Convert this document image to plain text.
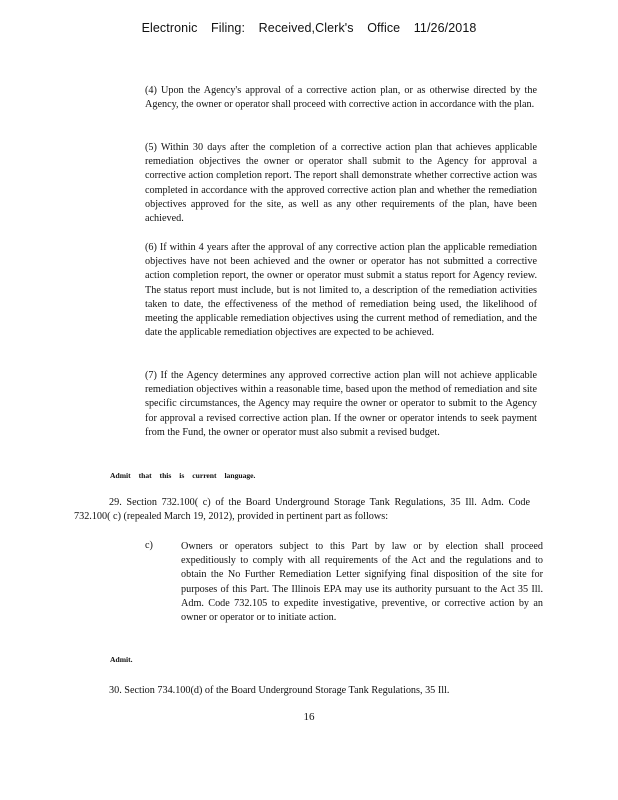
Electronic Filing: Received,Clerk's Office 11/26/2018
(4) Upon the Agency's approval of a corrective action plan, or as otherwise directed by the Agency, the owner or operator shall proceed with corrective action in accordance with the plan.
(5) Within 30 days after the completion of a corrective action plan that achieves applicable remediation objectives the owner or operator shall submit to the Agency for approval a corrective action completion report. The report shall demonstrate whether corrective action was completed in accordance with the approved corrective action plan and whether the remediation objectives approved for the site, as well as any other requirements of the plan, have been achieved.
(6) If within 4 years after the approval of any corrective action plan the applicable remediation objectives have not been achieved and the owner or operator has not submitted a corrective action completion report, the owner or operator must submit a status report for Agency review. The status report must include, but is not limited to, a description of the remediation activities taken to date, the effectiveness of the method of remediation being used, the likelihood of meeting the applicable remediation objectives using the current method of remediation, and the date the applicable remediation objectives are expected to be achieved.
(7) If the Agency determines any approved corrective action plan will not achieve applicable remediation objectives within a reasonable time, based upon the method of remediation and site specific circumstances, the Agency may require the owner or operator to submit to the Agency for approval a revised corrective action plan. If the owner or operator intends to seek payment from the Fund, the owner or operator must also submit a revised budget.
Admit that this is current language.
29. Section 732.100( c) of the Board Underground Storage Tank Regulations, 35 Ill. Adm. Code 732.100( c) (repealed March 19, 2012), provided in pertinent part as follows:
c)	Owners or operators subject to this Part by law or by election shall proceed expeditiously to comply with all requirements of the Act and the regulations and to obtain the No Further Remediation Letter signifying final disposition of the site for purposes of this Part. The Illinois EPA may use its authority pursuant to the Act 35 Ill. Adm. Code 732.105 to expedite investigative, preventive, or corrective action by an owner or operator or to initiate action.
Admit.
30. Section 734.100(d) of the Board Underground Storage Tank Regulations, 35 Ill.
16
